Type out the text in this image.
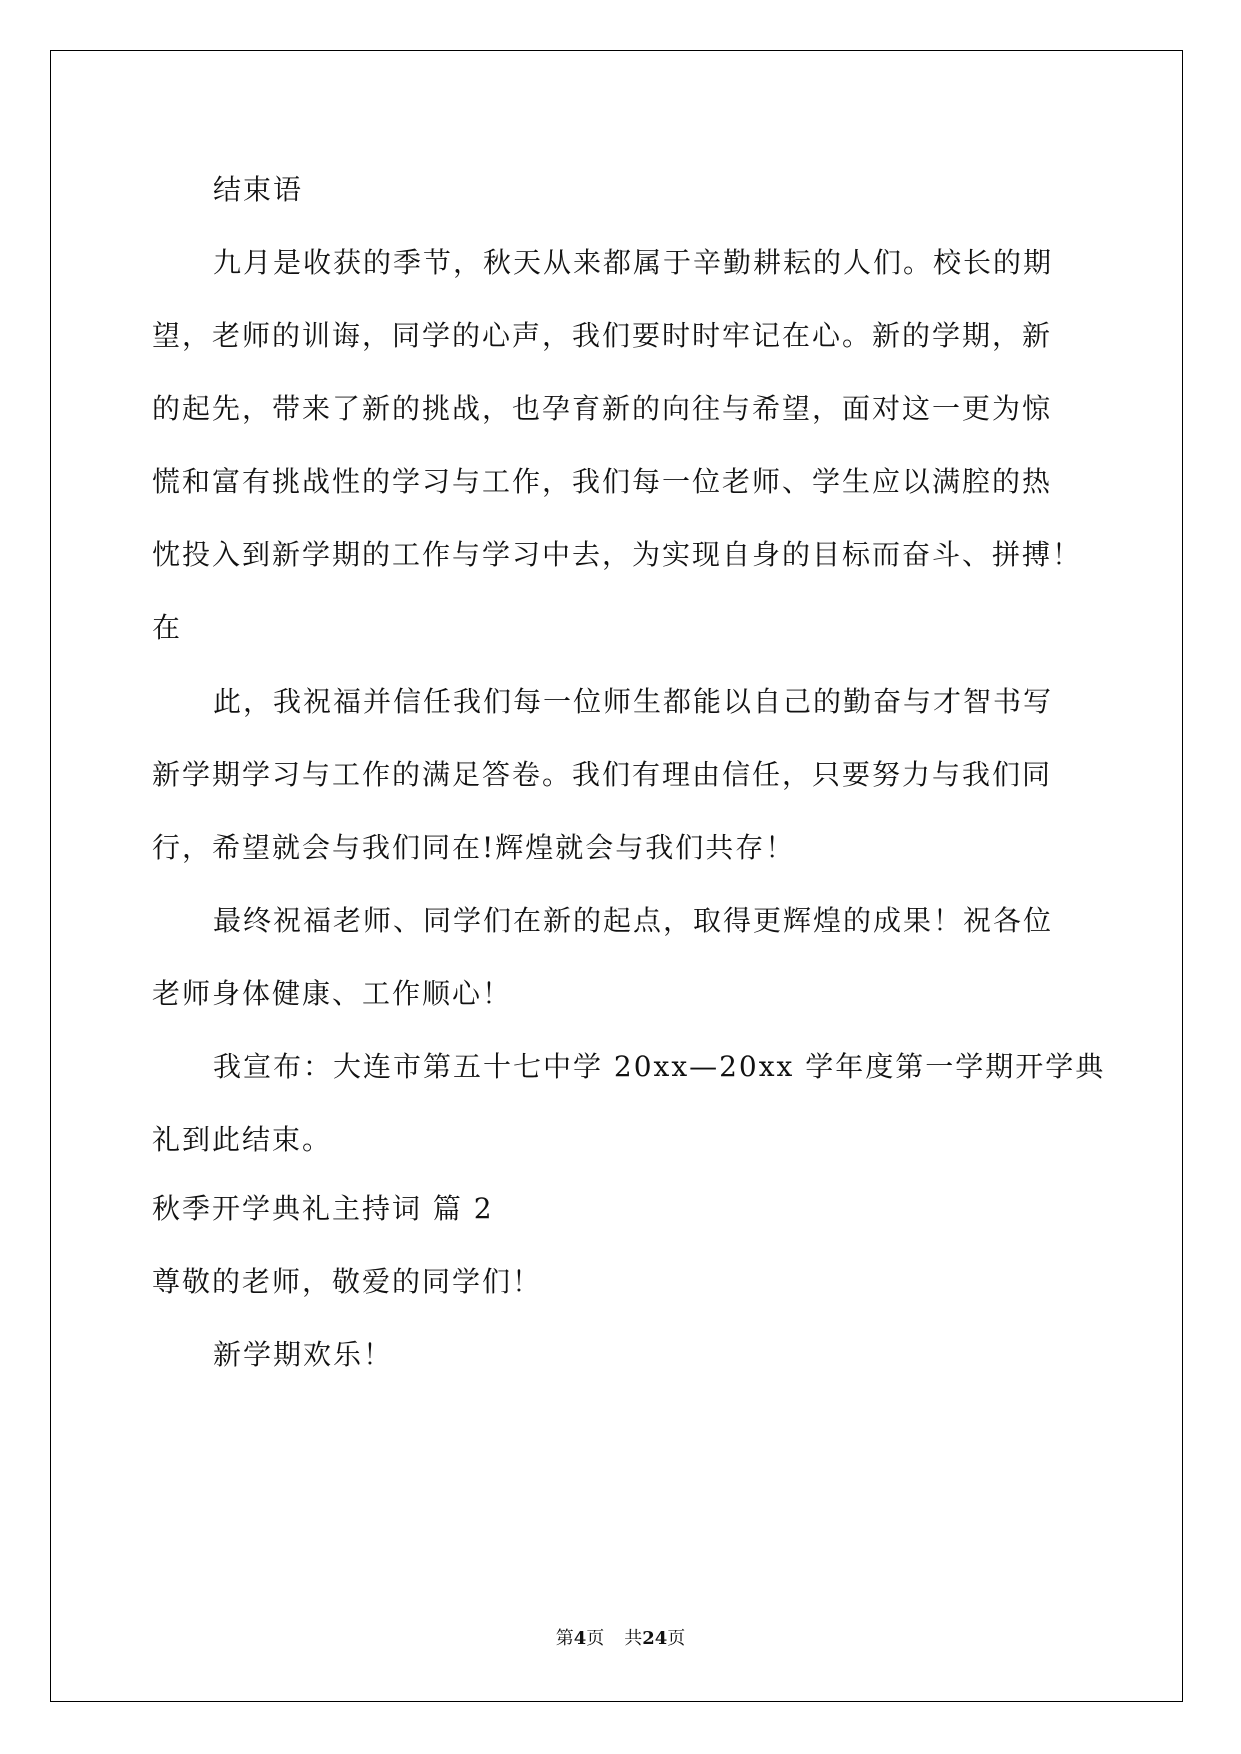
结束语
九月是收获的季节，秋天从来都属于辛勤耕耘的人们。校长的期
望，老师的训诲，同学的心声，我们要时时牢记在心。新的学期，新
的起先，带来了新的挑战，也孕育新的向往与希望，面对这一更为惊
慌和富有挑战性的学习与工作，我们每一位老师、学生应以满腔的热
忱投入到新学期的工作与学习中去，为实现自身的目标而奋斗、拼搏！
在
此，我祝福并信任我们每一位师生都能以自己的勤奋与才智书写
新学期学习与工作的满足答卷。我们有理由信任，只要努力与我们同
行，希望就会与我们同在!辉煌就会与我们共存！
最终祝福老师、同学们在新的起点，取得更辉煌的成果！祝各位
老师身体健康、工作顺心！
我宣布：大连市第五十七中学 20xx—20xx 学年度第一学期开学典
礼到此结束。
秋季开学典礼主持词 篇 2
尊敬的老师，敬爱的同学们！
新学期欢乐！
第4页 共24页
